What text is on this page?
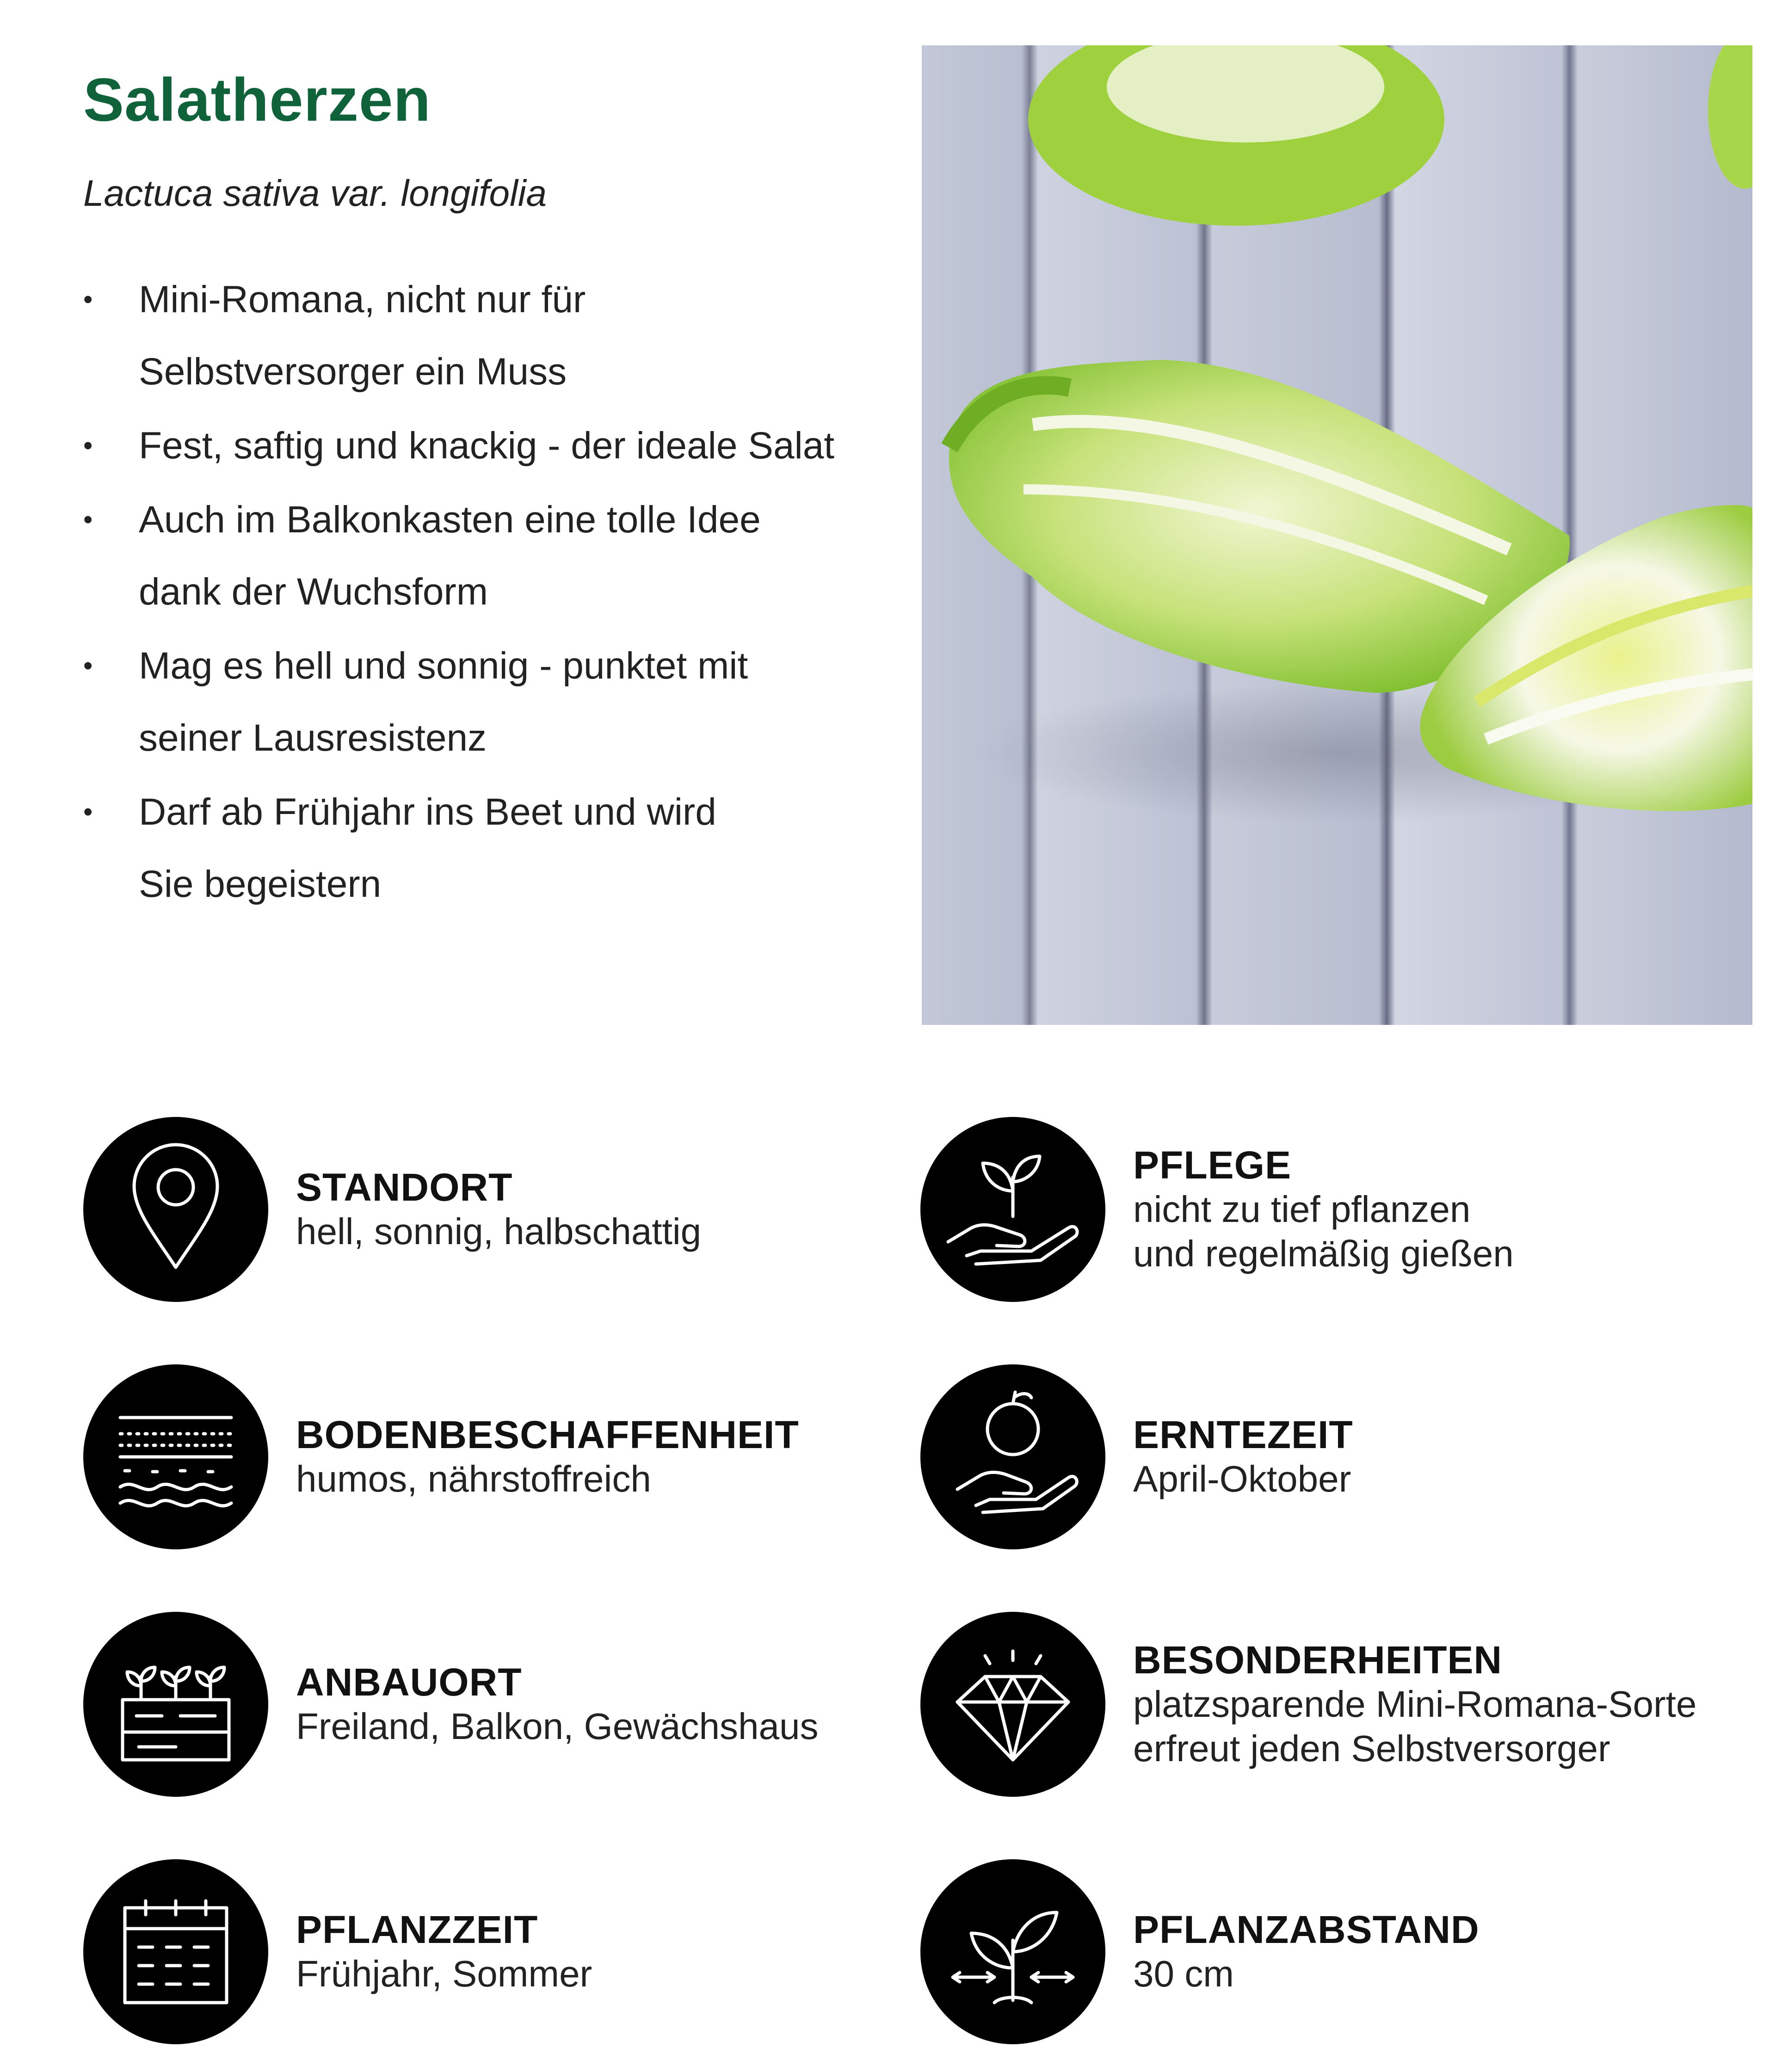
Salatherzen
Lactuca sativa var. longifolia
• Mini-Romana, nicht nur für
Selbstversorger ein Muss
• Fest, saftig und knackig - der ideale Salat
• Auch im Balkonkasten eine tolle Idee
dank der Wuchsform
• Mag es hell und sonnig - punktet mit
seiner Lausresistenz
• Darf ab Frühjahr ins Beet und wird
Sie begeistern
STANDORT
hell, sonnig, halbschattig
PFLEGE
nicht zu tief pflanzen
und regelmäßig gießen
BODENBESCHAFFENHEIT
humos, nährstoffreich
ERNTEZEIT
April-Oktober
ANBAUORT
Freiland, Balkon, Gewächshaus
BESONDERHEITEN
platzsparende Mini-Romana-Sorte
erfreut jeden Selbstversorger
PFLANZZEIT
Frühjahr, Sommer
PFLANZABSTAND
30 cm
